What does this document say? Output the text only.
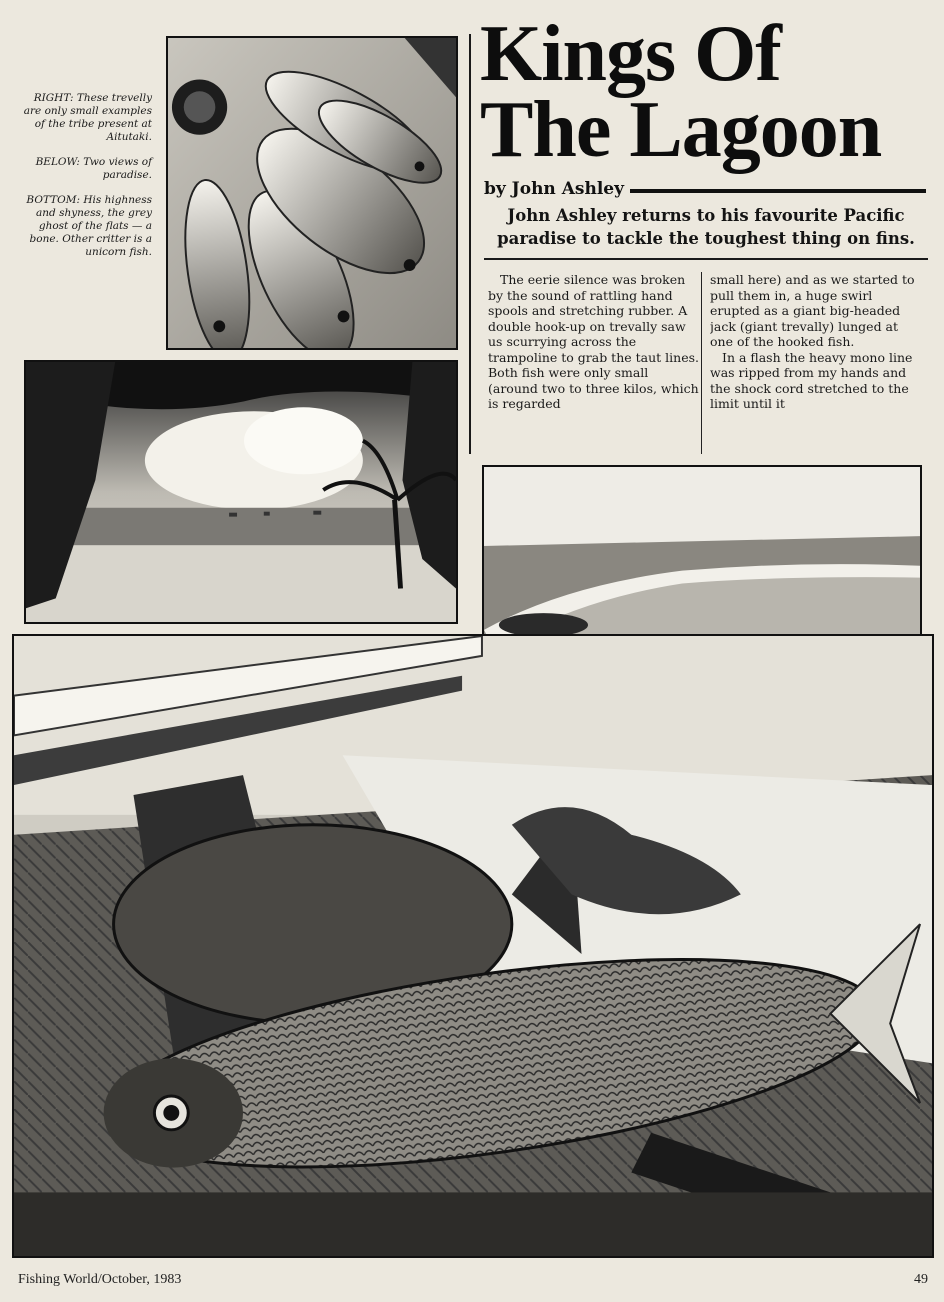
RIGHT: These trevelly are only small examples of the tribe present at Aitutaki.

BELOW: Two views of paradise.

BOTTOM: His highness and shyness, the grey ghost of the flats — a bone. Other critter is a unicorn fish.

Kings Of
The Lagoon
by John Ashley
John Ashley returns to his favourite Pacific paradise to tackle the toughest thing on fins.

The eerie silence was broken by the sound of rattling hand spools and stretching rubber. A double hook-up on trevally saw us scurrying across the trampoline to grab the taut lines. Both fish were only small (around two to three kilos, which is regarded

small here) and as we started to pull them in, a huge swirl erupted as a giant big-headed jack (giant trevally) lunged at one of the hooked fish.

In a flash the heavy mono line was ripped from my hands and the shock cord stretched to the limit until it

Fishing World/October, 1983	49
